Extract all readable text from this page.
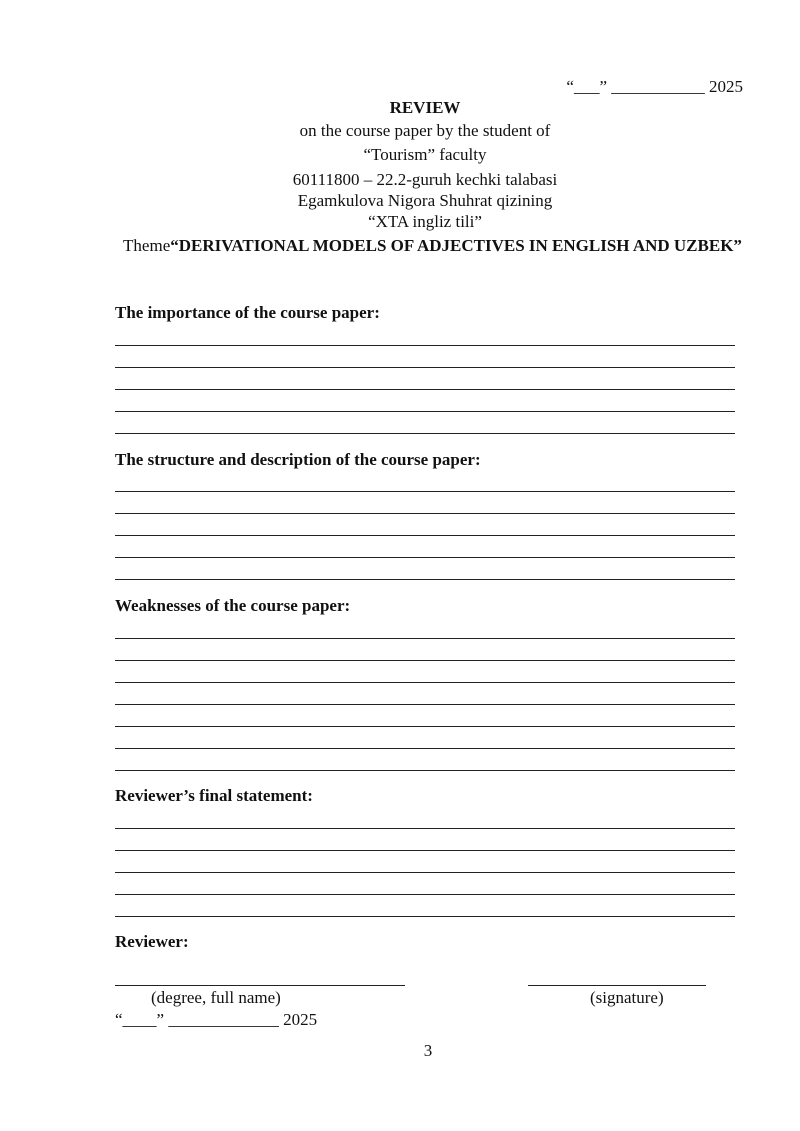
“___” ___________ 2025
REVIEW
on the course paper by the student of
“Tourism” faculty
60111800 – 22.2-guruh kechki talabasi
Egamkulova Nigora Shuhrat qizining
“XTA ingliz tili”
Theme“DERIVATIONAL MODELS OF ADJECTIVES IN ENGLISH AND UZBEK”
The importance of the course paper:
The structure and description of the course paper:
Weaknesses of the course paper:
Reviewer’s final statement:
Reviewer:
(degree, full name)	(signature)
“____” _____________ 2025
3
